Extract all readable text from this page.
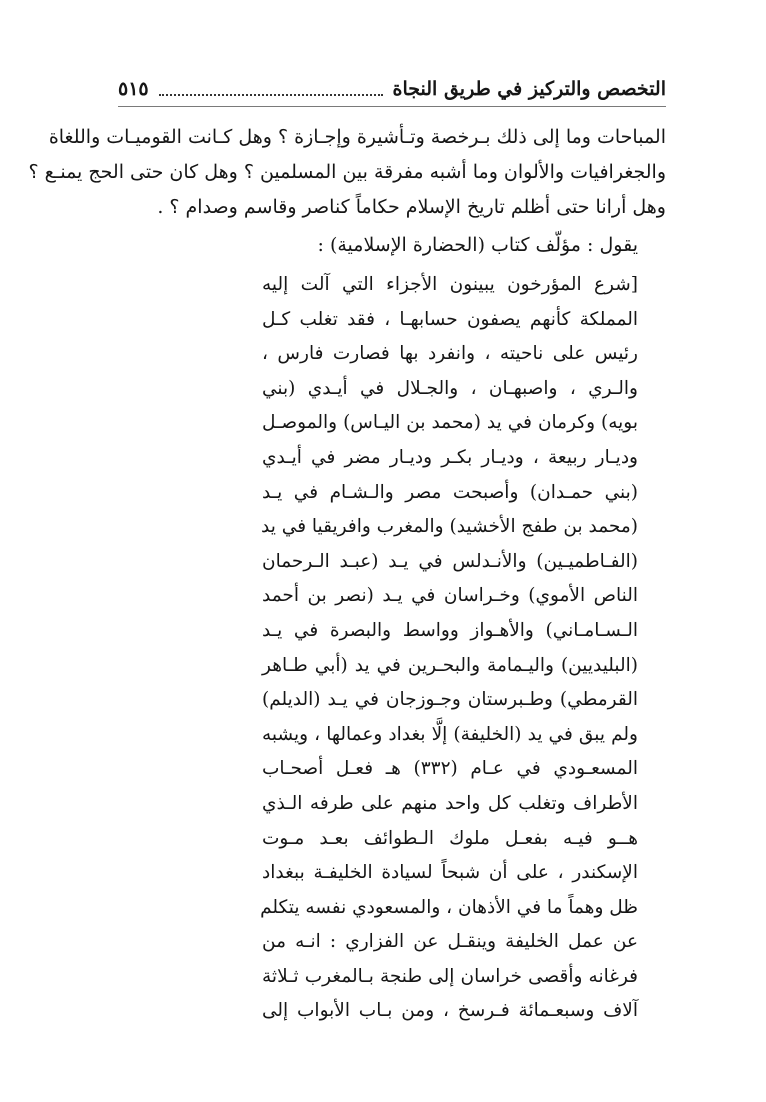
التخصص والتركيز في طريق النجاة
٥١٥
المباحات وما إلى ذلك بـرخصة وتـأشيرة وإجـازة ؟ وهل كـانت القوميـات واللغاة
والجغرافيات والألوان وما أشبه مفرقة بين المسلمين ؟ وهل كان حتى الحج يمنـع ؟
وهل أرانا حتى أظلم تاريخ الإسلام حكاماً كناصر وقاسم وصدام ؟ .
يقول : مؤلّف كتاب (الحضارة الإسلامية) :
[شرع المؤرخون يبينون الأجزاء التي آلت إليه
المملكة كأنهم يصفون حسابهـا ، فقد تغلب كـل
رئيس على ناحيته ، وانفرد بها فصارت فارس ،
والـري ، واصبهـان ، والجـلال في أيـدي (بني
بويه) وكرمان في يد (محمد بن اليـاس) والموصـل
وديـار ربيعة ، وديـار بكـر وديـار مضر في أيـدي
(بني حمـدان) وأصبحت مصر والـشـام في يـد
(محمد بن طفج الأخشيد) والمغرب وافريقيا في يد
(الفـاطميـين) والأنـدلس في يـد (عبـد الـرحمان
الناص الأموي) وخـراسان في يـد (نصر بن أحمد
الـسـامـاني) والأهـواز وواسط والبصرة في يـد
(البليديين) واليـمامة والبحـرين في يد (أبي طـاهر
القرمطي) وطـبرستان وجـوزجان في يـد (الديلم)
ولم يبق في يد (الخليفة) إلَّا بغداد وعمالها ، ويشبه
المسعـودي في عـام (٣٣٢) هـ فعـل أصحـاب
الأطراف وتغلب كل واحد منهم على طرفه الـذي
هــو فيـه بفعـل ملوك الـطوائف بعـد مـوت
الإسكندر ، على أن شبحاً لسيادة الخليفـة ببغداد
ظل وهماً ما في الأذهان ، والمسعودي نفسه يتكلم
عن عمل الخليفة وينقـل عن الفزاري : انـه من
فرغانه وأقصى خراسان إلى طنجة بـالمغرب ثـلاثة
آلاف وسبعـمائة فـرسخ ، ومن بـاب الأبواب إلى
